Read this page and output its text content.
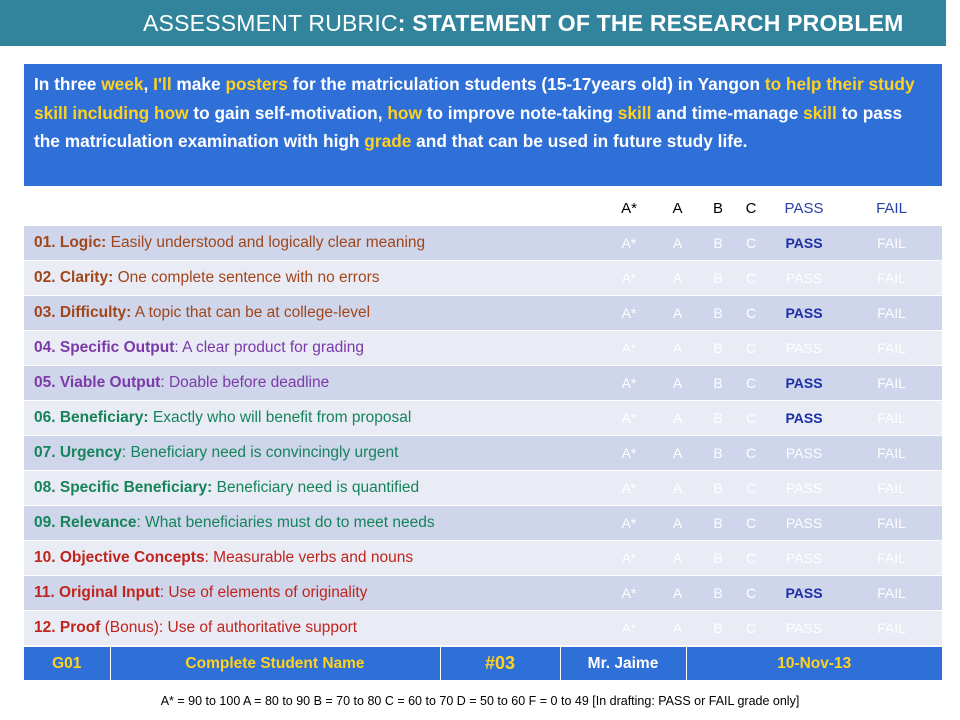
ASSESSMENT RUBRIC: STATEMENT OF THE RESEARCH PROBLEM
In three week, I'll make posters for the matriculation students (15-17years old) in Yangon to help their study skill including how to gain self-motivation, how to improve note-taking skill and time-manage skill to pass the matriculation examination with high grade and that can be used in future study life.
	A*	A	B	C	PASS	FAIL
01. Logic: Easily understood and logically clear meaning	A*	A	B	C	PASS	FAIL
02. Clarity: One complete sentence with no errors	A*	A	B	C	PASS	FAIL
03. Difficulty: A topic that can be at college-level	A*	A	B	C	PASS	FAIL
04. Specific Output: A clear product for grading	A*	A	B	C	PASS	FAIL
05. Viable Output: Doable before deadline	A*	A	B	C	PASS	FAIL
06. Beneficiary: Exactly who will benefit from proposal	A*	A	B	C	PASS	FAIL
07. Urgency: Beneficiary need is convincingly urgent	A*	A	B	C	PASS	FAIL
08. Specific Beneficiary: Beneficiary need is quantified	A*	A	B	C	PASS	FAIL
09. Relevance: What beneficiaries must do to meet needs	A*	A	B	C	PASS	FAIL
10. Objective Concepts: Measurable verbs and nouns	A*	A	B	C	PASS	FAIL
11. Original Input: Use of elements of originality	A*	A	B	C	PASS	FAIL
12. Proof (Bonus): Use of authoritative support	A*	A	B	C	PASS	FAIL
G01	Complete Student Name	#03	Mr. Jaime	10-Nov-13
A* = 90 to 100 A = 80 to 90 B = 70 to 80 C = 60 to 70 D = 50 to 60 F = 0 to 49 [In drafting: PASS or FAIL grade only]
